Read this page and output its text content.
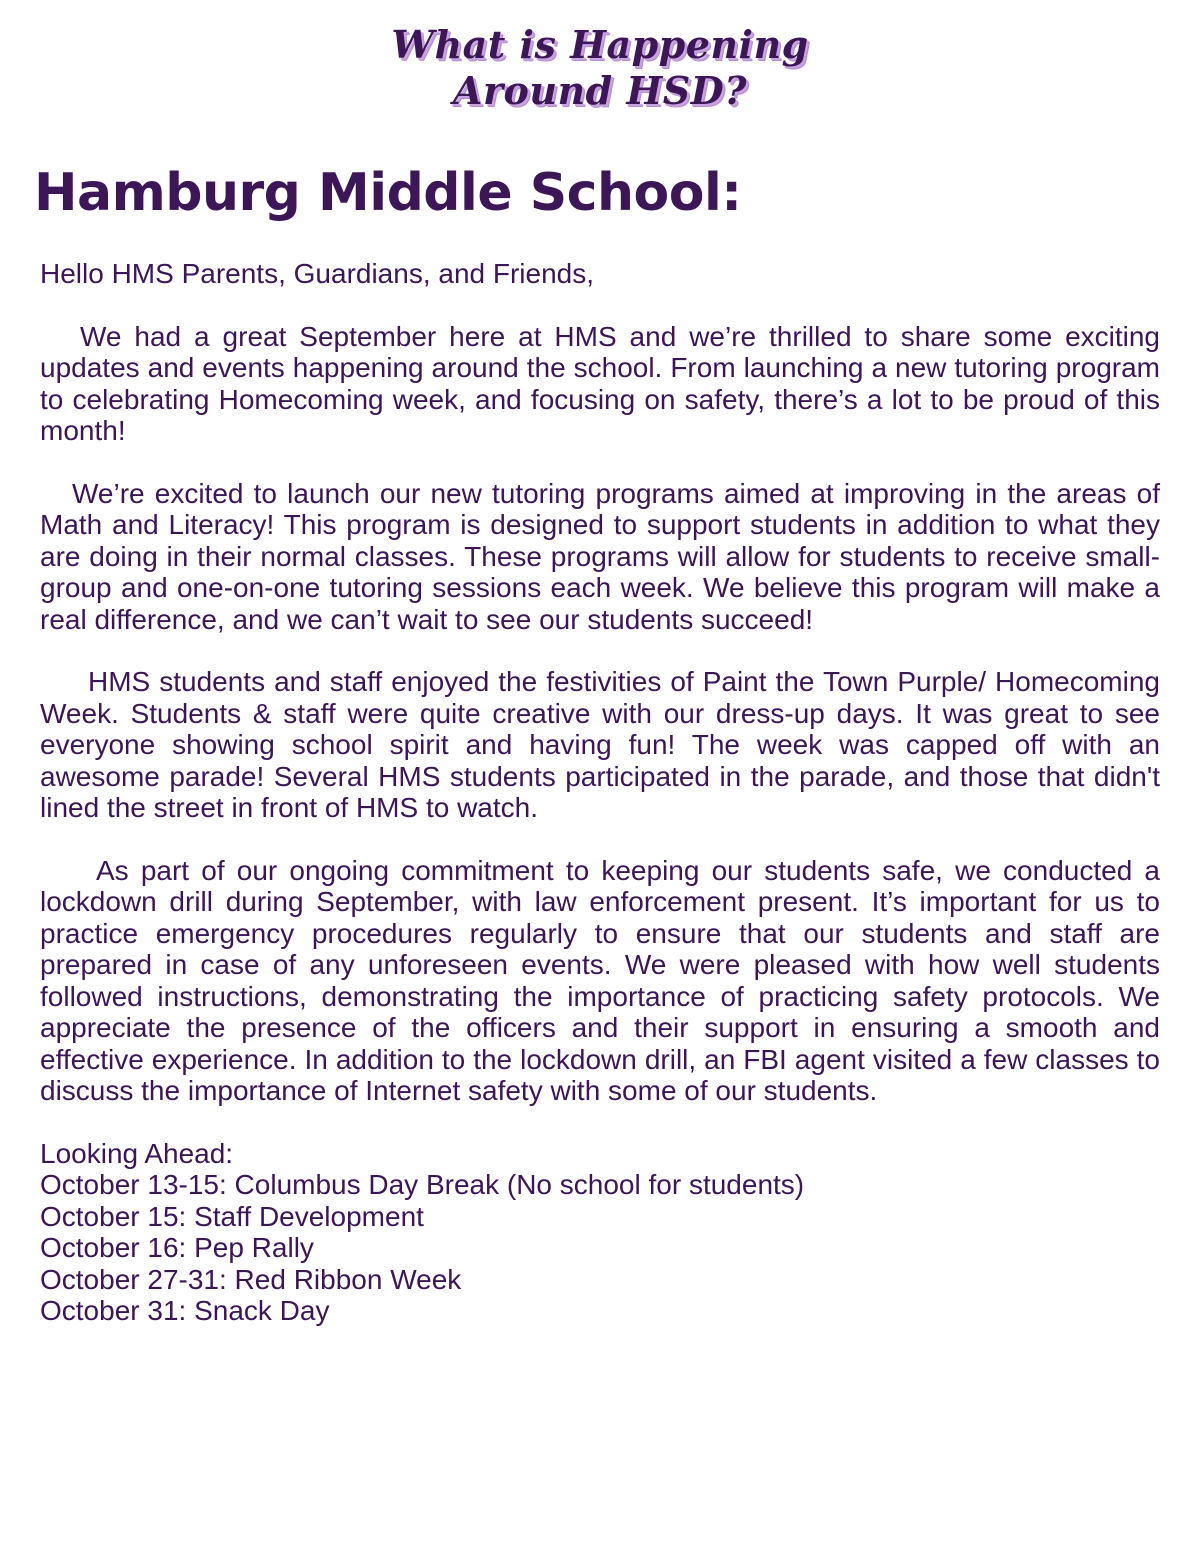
What is Happening
Around HSD?
Hamburg Middle School:

Hello HMS Parents, Guardians, and Friends,

We had a great September here at HMS and we’re thrilled to share some exciting updates and events happening around the school. From launching a new tutoring program to celebrating Homecoming week, and focusing on safety, there’s a lot to be proud of this month!

We’re excited to launch our new tutoring programs aimed at improving in the areas of Math and Literacy! This program is designed to support students in addition to what they are doing in their normal classes. These programs will allow for students to receive small-group and one-on-one tutoring sessions each week. We believe this program will make a real difference, and we can’t wait to see our students succeed!

HMS students and staff enjoyed the festivities of Paint the Town Purple/ Homecoming Week. Students & staff were quite creative with our dress-up days. It was great to see everyone showing school spirit and having fun! The week was capped off with an awesome parade! Several HMS students participated in the parade, and those that didn't lined the street in front of HMS to watch.

As part of our ongoing commitment to keeping our students safe, we conducted a lockdown drill during September, with law enforcement present. It’s important for us to practice emergency procedures regularly to ensure that our students and staff are prepared in case of any unforeseen events. We were pleased with how well students followed instructions, demonstrating the importance of practicing safety protocols. We appreciate the presence of the officers and their support in ensuring a smooth and effective experience. In addition to the lockdown drill, an FBI agent visited a few classes to discuss the importance of Internet safety with some of our students.

Looking Ahead:

October 13-15: Columbus Day Break (No school for students)
October 15: Staff Development
October 16: Pep Rally
October 27-31: Red Ribbon Week
October 31: Snack Day
